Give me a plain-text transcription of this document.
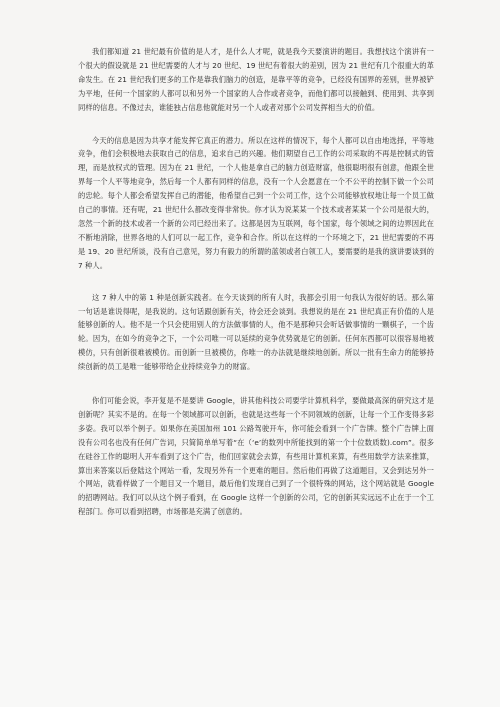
我们都知道 21 世纪最有价值的是人才，是什么人才呢，就是我今天要演讲的题目。我想找这个演讲有一个很大的假设就是 21 世纪需要的人才与 20 世纪、19 世纪有着很大的差别，因为 21 世纪有几个很重大的革命发生。在 21 世纪我们更多的工作是靠我们脑力的创造，是靠平等的竞争，已经没有国界的差别，世界被铲为平地，任何一个国家的人都可以和另外一个国家的人合作或者竞争，而他们都可以接触到、使用到、共享到同样的信息。不像过去，谁能独占信息他就能对另一个人或者对那个公司发挥相当大的价值。

今天的信息是因为共享才能发挥它真正的潜力。所以在这样的情况下，每个人都可以自由地选择，平等地竞争，他们会积极地去获取自己的信息，追求自己的兴趣。他们期望自己工作的公司采取的不再是控制式的管理，而是放权式的管理。因为在 21 世纪，一个人他是拿自己的脑力创造财富，他很聪明很有创意，他跟全世界每一个人平等地竞争，然后每一个人都有同样的信息，没有一个人会愿意在一个不公平的控制下做一个公司的忠轮。每个人都会希望发挥自己的潜能，他希望自己到一个公司工作，这个公司能够放权地让每一个员工做自己的事情。还有呢，21 世纪什么都改变得非常快。你才认为说某某一个技术或者某某一个公司是很大的，忽然一个新的技术或者一个新的公司已经出来了。这都是因为互联网，每个国家，每个领域之间的边界因此在不断地消除，世界各地的人们可以一起工作，竞争和合作。所以在这样的一个环境之下，21 世纪需要的不再是 19、20 世纪所谈，没有自己意见，努力有毅力的所谓的蓝领或者白领工人，要需要的是我的演讲要谈到的 7 种人。

这 7 种人中的第 1 种是创新实践者。在今天谈到的所有人时，我都会引用一句我认为很好的话。那么第一句话是谁说得呢，是我说的。这句话跟创新有关，待会还会谈到。我想说的是在 21 世纪真正有价值的人是能够创新的人。他不是一个只会使用别人的方法做事情的人，他不是那种只会听话做事情的一颗棋子，一个齿轮。因为，在如今的竞争之下，一个公司唯一可以延续的竞争优势就是它的创新。任何东西都可以很容易地被模仿，只有创新很难被模仿。而创新一旦被模仿，你唯一的办法就是继续地创新。所以一批有生命力的能够持续创新的员工是唯一能够带给企业持续竞争力的财富。

你们可能会说，李开复是不是要讲 Google，讲其他科技公司要学计算机科学，要做最高深的研究这才是创新呢？其实不是的。在每一个领域都可以创新，也就是这些每一个不同领域的创新，让每一个工作变得多彩多姿。我可以举个例子。如果你在美国加州 101 公路驾驶开车，你可能会看到一个广告牌。整个广告牌上面没有公司名也没有任何广告词，只简简单单写着“在（‘e’的数列中所能找到的第一个十位数质数).com”。很多在硅谷工作的聪明人开车看到了这个广告，他们回家就会去算，有些用计算机来算，有些用数学方法来推算，算出来答案以后登陆这个网站一看，发现另外有一个更难的题目。然后他们再做了这道题目，又会到达另外一个网站，就看样做了一个题目又一个题目，最后他们发现自己到了一个很特殊的网站，这个网站就是 Google 的招聘网站。我们可以从这个例子看到，在 Google 这样一个创新的公司，它的创新其实远远不止在于一个工程部门。你可以看到招聘，市场都是充满了创意的。
